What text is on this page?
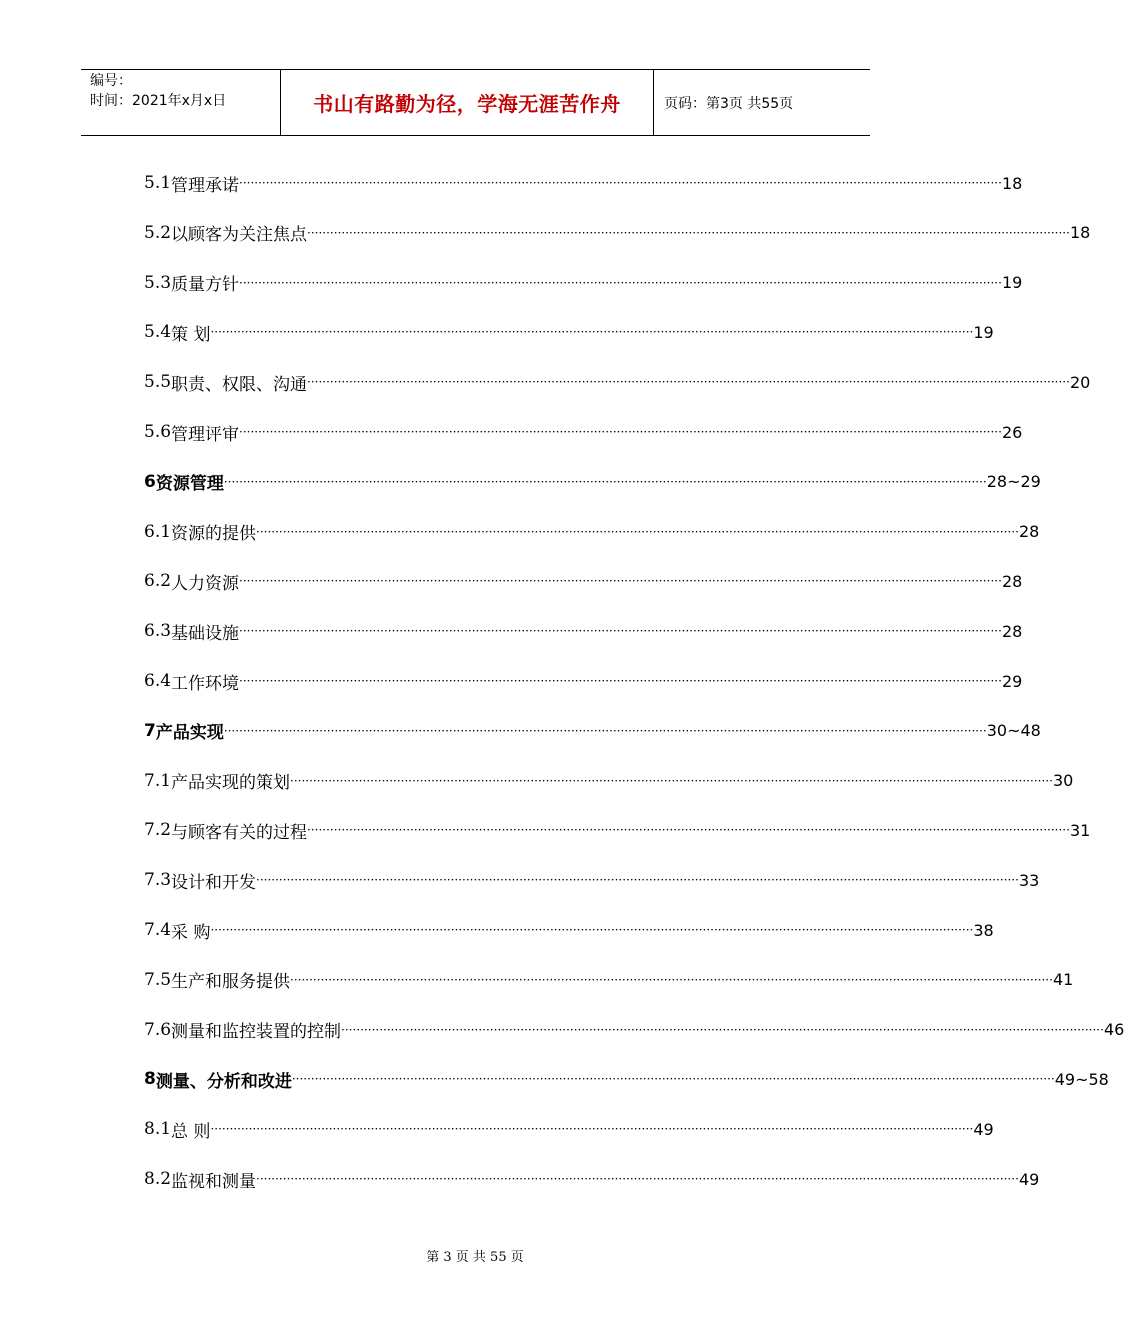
编号：
时间：2021年x月x日	书山有路勤为径，学海无涯苦作舟	页码：第3页 共55页
5.1 管理承诺 ········································································································································································································ 18
5.2 以顾客为关注焦点 ········································································································································································································ 18
5.3 质量方针 ········································································································································································································ 19
5.4 策 划 ········································································································································································································ 19
5.5 职责、权限、沟通 ········································································································································································································ 20
5.6 管理评审 ········································································································································································································ 26
6 资源管理 ········································································································································································································ 28~29
6.1 资源的提供 ········································································································································································································ 28
6.2 人力资源 ········································································································································································································ 28
6.3 基础设施 ········································································································································································································ 28
6.4 工作环境 ········································································································································································································ 29
7 产品实现 ········································································································································································································ 30~48
7.1 产品实现的策划 ········································································································································································································ 30
7.2 与顾客有关的过程 ········································································································································································································ 31
7.3 设计和开发 ········································································································································································································ 33
7.4 采 购 ········································································································································································································ 38
7.5 生产和服务提供 ········································································································································································································ 41
7.6 测量和监控装置的控制 ········································································································································································································ 46
8 测量、分析和改进 ········································································································································································································ 49~58
8.1 总 则 ········································································································································································································ 49
8.2 监视和测量 ········································································································································································································ 49
第 3 页 共 55 页
